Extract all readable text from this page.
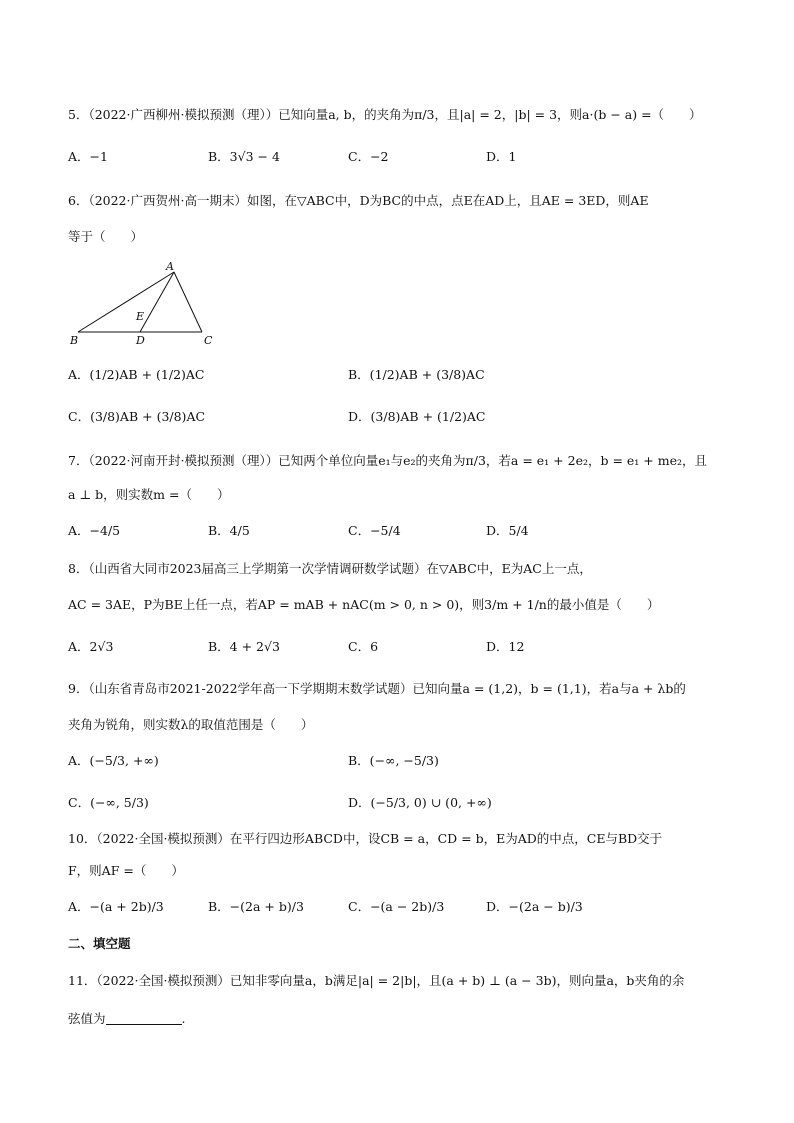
5．（2022·广西柳州·模拟预测（理））已知向量a, b，的夹角为π/3，且|a| = 2，|b| = 3，则a·(b − a) =（　　）
A．−1	B．3√3 − 4	C．−2	D．1
6．（2022·广西贺州·高一期末）如图，在▽ABC中，D为BC的中点，点E在AD上，且AE = 3ED，则AE
等于（　　）
A
B	C
D
E
A．(1/2)AB + (1/2)AC	B．(1/2)AB + (3/8)AC
C．(3/8)AB + (3/8)AC	D．(3/8)AB + (1/2)AC
7．（2022·河南开封·模拟预测（理））已知两个单位向量e₁与e₂的夹角为π/3，若a = e₁ + 2e₂，b = e₁ + me₂，且
a ⊥ b，则实数m =（　　）
A．−4/5	B．4/5	C．−5/4	D．5/4
8．（山西省大同市2023届高三上学期第一次学情调研数学试题）在▽ABC中，E为AC上一点，
AC = 3AE，P为BE上任一点，若AP = mAB + nAC(m > 0, n > 0)，则3/m + 1/n的最小值是（　　）
A．2√3	B．4 + 2√3	C．6	D．12
9．（山东省青岛市2021-2022学年高一下学期期末数学试题）已知向量a = (1,2)，b = (1,1)，若a与a + λb的
夹角为锐角，则实数λ的取值范围是（　　）
A．(−5/3, +∞)	B．(−∞, −5/3)
C．(−∞, 5/3)	D．(−5/3, 0) ∪ (0, +∞)
10．（2022·全国·模拟预测）在平行四边形ABCD中，设CB = a，CD = b，E为AD的中点，CE与BD交于
F，则AF =（　　）
A．−(a + 2b)/3	B．−(2a + b)/3	C．−(a − 2b)/3	D．−(2a − b)/3
二、填空题
11．（2022·全国·模拟预测）已知非零向量a，b满足|a| = 2|b|，且(a + b) ⊥ (a − 3b)，则向量a，b夹角的余
弦值为	.
